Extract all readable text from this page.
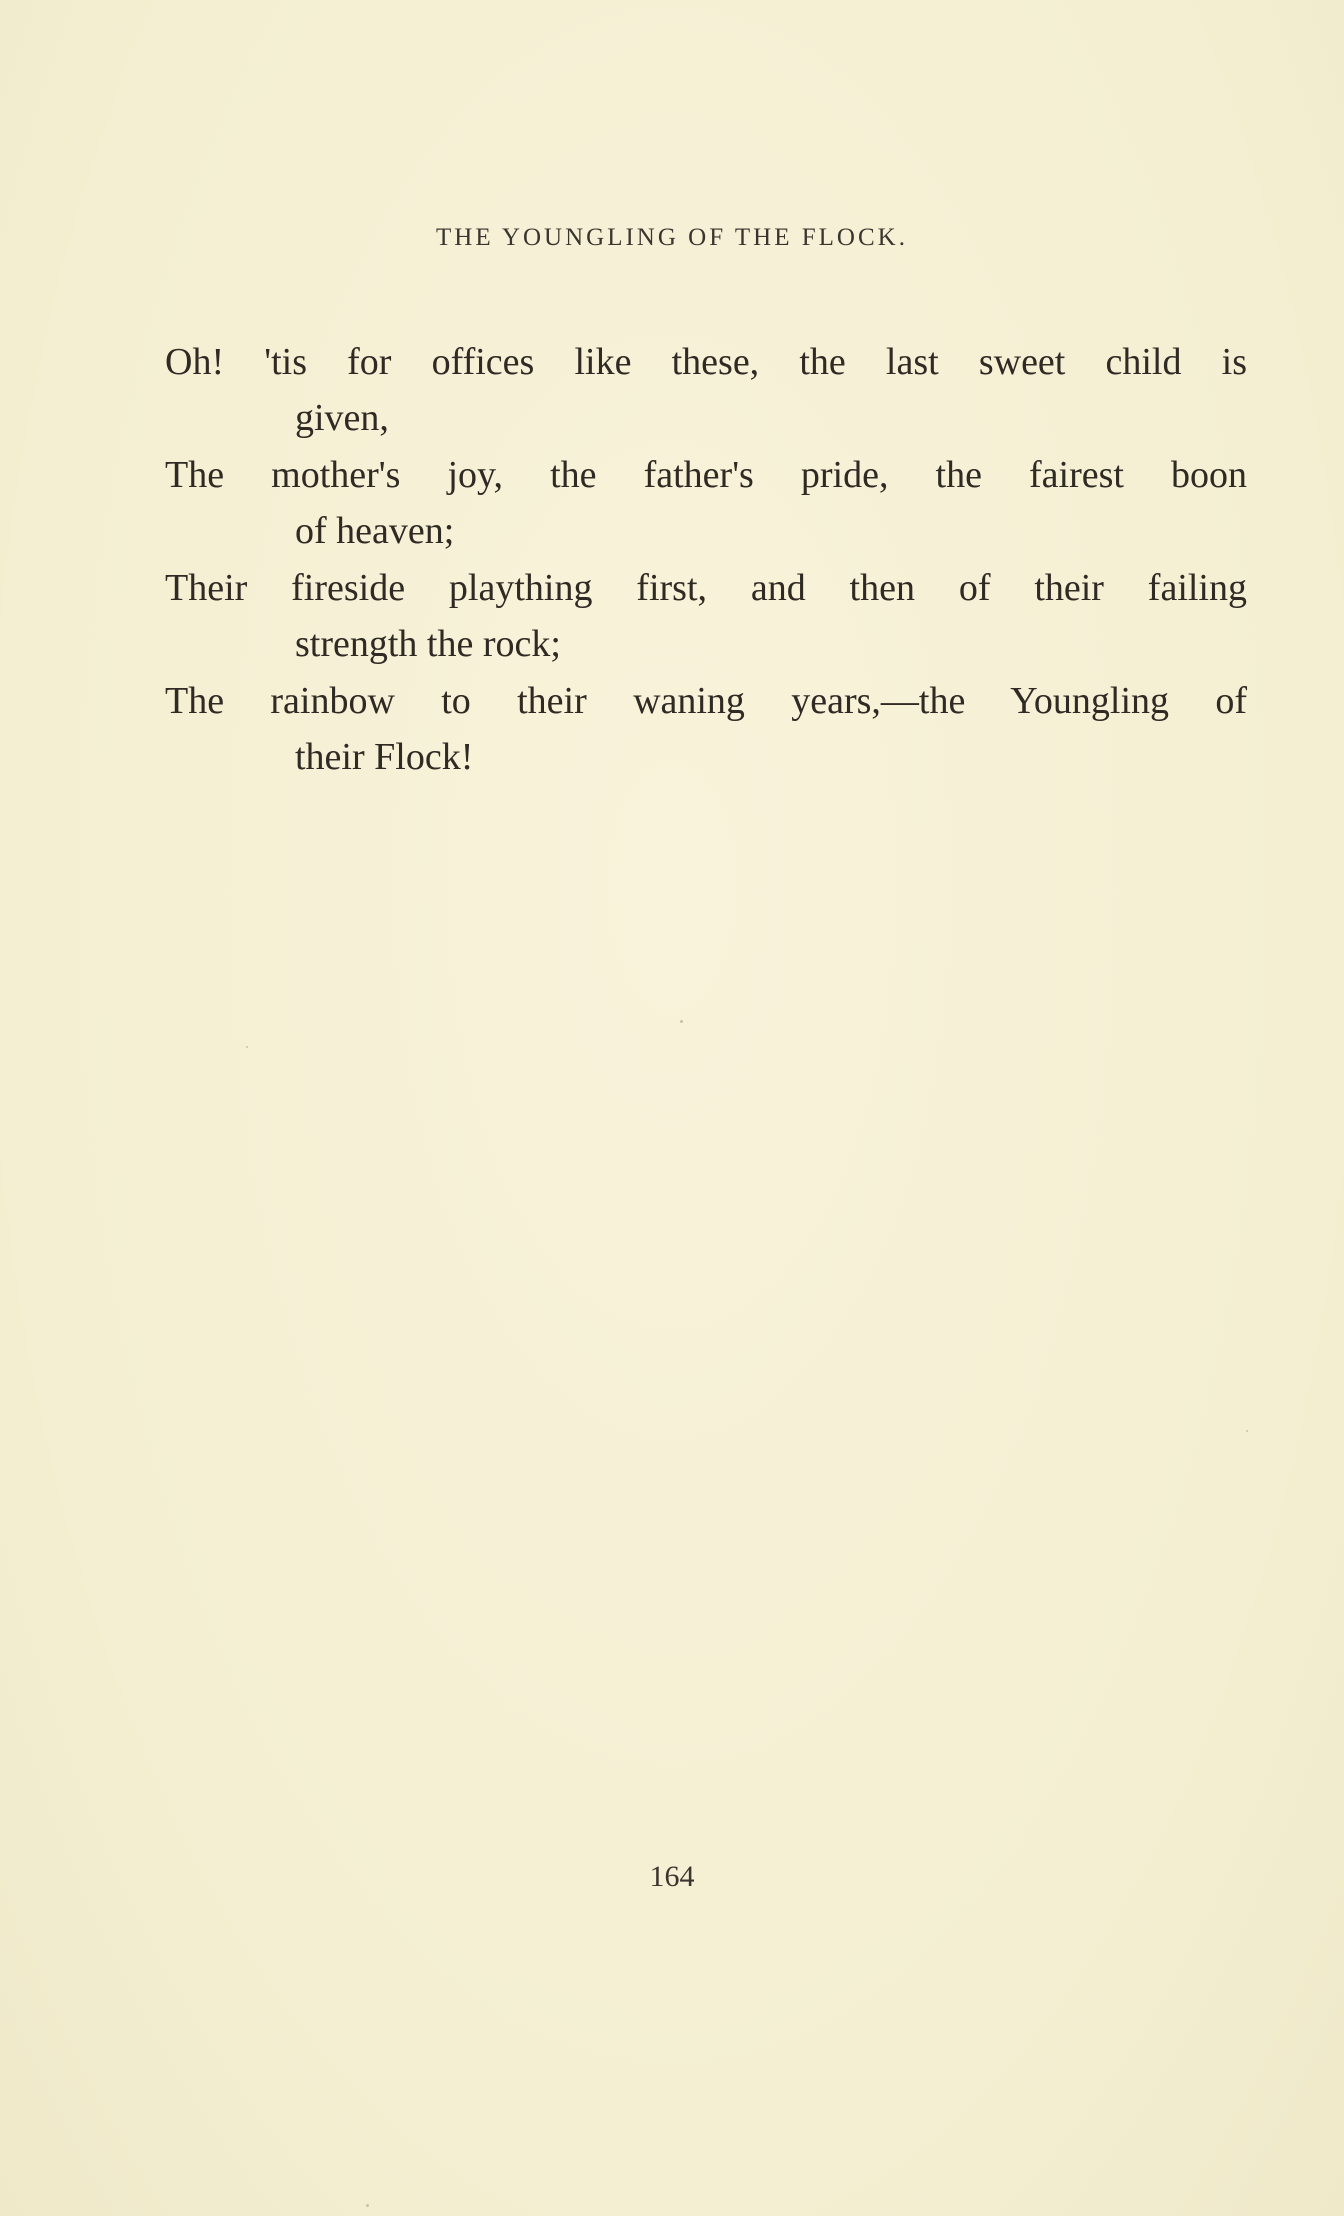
THE YOUNGLING OF THE FLOCK.
Oh! 'tis for offices like these, the last sweet child is
given,
The mother's joy, the father's pride, the fairest boon
of heaven;
Their fireside plaything first, and then of their failing
strength the rock;
The rainbow to their waning years,—the Youngling of
their Flock!
164
